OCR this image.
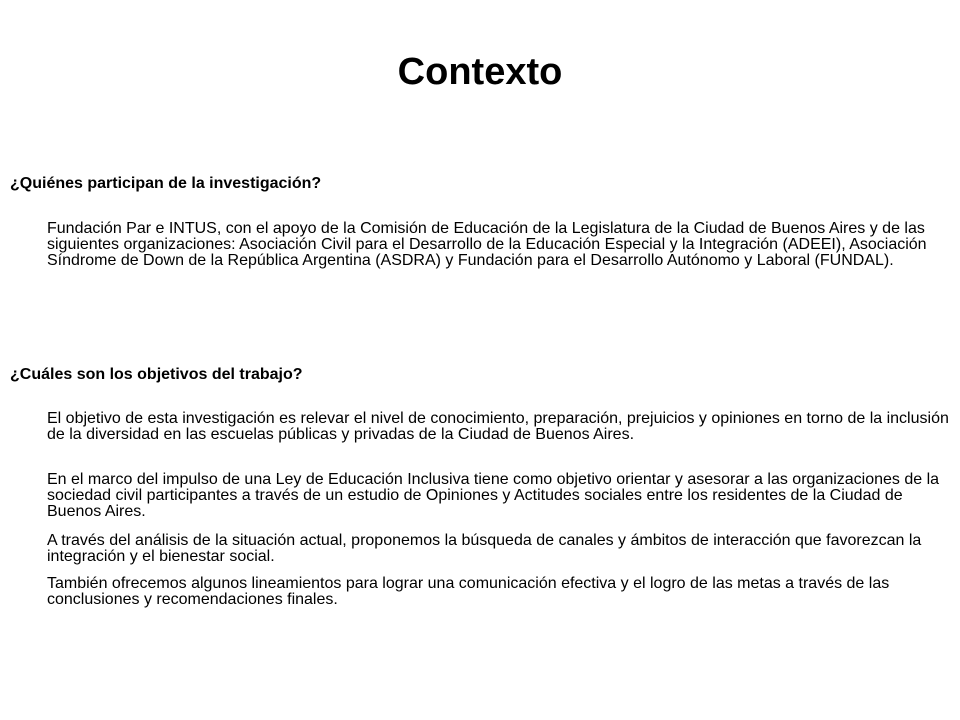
Contexto

¿Quiénes participan de la investigación?

Fundación Par e INTUS, con el apoyo de la Comisión de Educación de la Legislatura de la Ciudad de Buenos Aires y de las siguientes organizaciones: Asociación Civil para el Desarrollo de la Educación Especial y la Integración (ADEEI), Asociación Síndrome de Down de la República Argentina (ASDRA) y Fundación para el Desarrollo Autónomo y Laboral (FUNDAL).

¿Cuáles son los objetivos del trabajo?

El objetivo de esta investigación es relevar el nivel de conocimiento, preparación, prejuicios y opiniones en torno de la inclusión de la diversidad en las escuelas públicas y privadas de la Ciudad de Buenos Aires.

En el marco del impulso de una Ley de Educación Inclusiva tiene como objetivo orientar y asesorar a las organizaciones de la sociedad civil participantes a través de un estudio de Opiniones y Actitudes sociales entre los residentes de la Ciudad de Buenos Aires.

A través del análisis de la situación actual, proponemos la búsqueda de canales y ámbitos de interacción que favorezcan la integración y el bienestar social.

También ofrecemos algunos lineamientos para lograr una comunicación efectiva y el logro de las metas a través de las conclusiones y recomendaciones finales.
